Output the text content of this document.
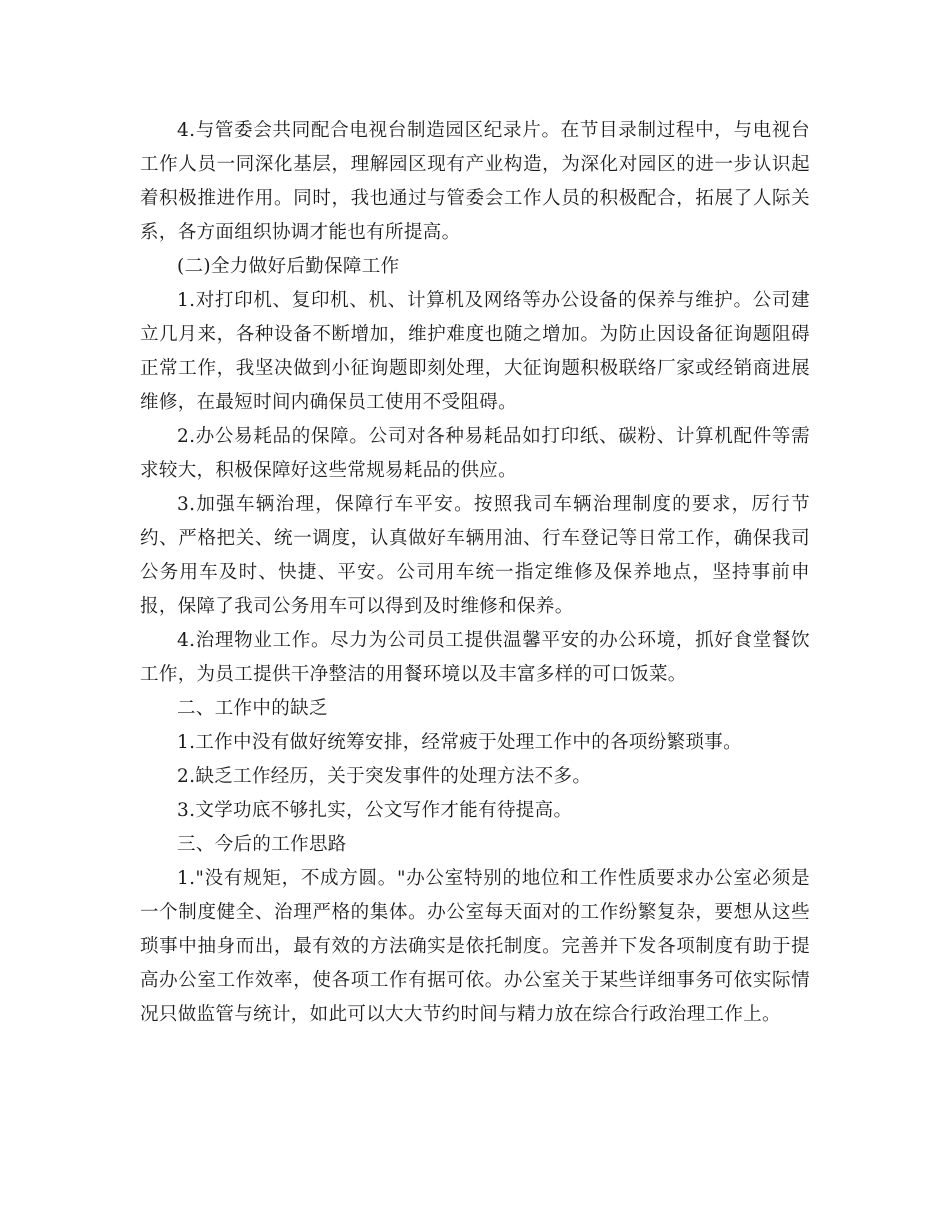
4.与管委会共同配合电视台制造园区纪录片。在节目录制过程中，与电视台工作人员一同深化基层，理解园区现有产业构造，为深化对园区的进一步认识起着积极推进作用。同时，我也通过与管委会工作人员的积极配合，拓展了人际关系，各方面组织协调才能也有所提高。

(二)全力做好后勤保障工作

1.对打印机、复印机、机、计算机及网络等办公设备的保养与维护。公司建立几月来，各种设备不断增加，维护难度也随之增加。为防止因设备征询题阻碍正常工作，我坚决做到小征询题即刻处理，大征询题积极联络厂家或经销商进展维修，在最短时间内确保员工使用不受阻碍。

2.办公易耗品的保障。公司对各种易耗品如打印纸、碳粉、计算机配件等需求较大，积极保障好这些常规易耗品的供应。

3.加强车辆治理，保障行车平安。按照我司车辆治理制度的要求，厉行节约、严格把关、统一调度，认真做好车辆用油、行车登记等日常工作，确保我司公务用车及时、快捷、平安。公司用车统一指定维修及保养地点，坚持事前申报，保障了我司公务用车可以得到及时维修和保养。

4.治理物业工作。尽力为公司员工提供温馨平安的办公环境，抓好食堂餐饮工作，为员工提供干净整洁的用餐环境以及丰富多样的可口饭菜。

二、工作中的缺乏

1.工作中没有做好统筹安排，经常疲于处理工作中的各项纷繁琐事。

2.缺乏工作经历，关于突发事件的处理方法不多。

3.文学功底不够扎实，公文写作才能有待提高。

三、今后的工作思路

1."没有规矩，不成方圆。"办公室特别的地位和工作性质要求办公室必须是一个制度健全、治理严格的集体。办公室每天面对的工作纷繁复杂，要想从这些琐事中抽身而出，最有效的方法确实是依托制度。完善并下发各项制度有助于提高办公室工作效率，使各项工作有据可依。办公室关于某些详细事务可依实际情况只做监管与统计，如此可以大大节约时间与精力放在综合行政治理工作上。
